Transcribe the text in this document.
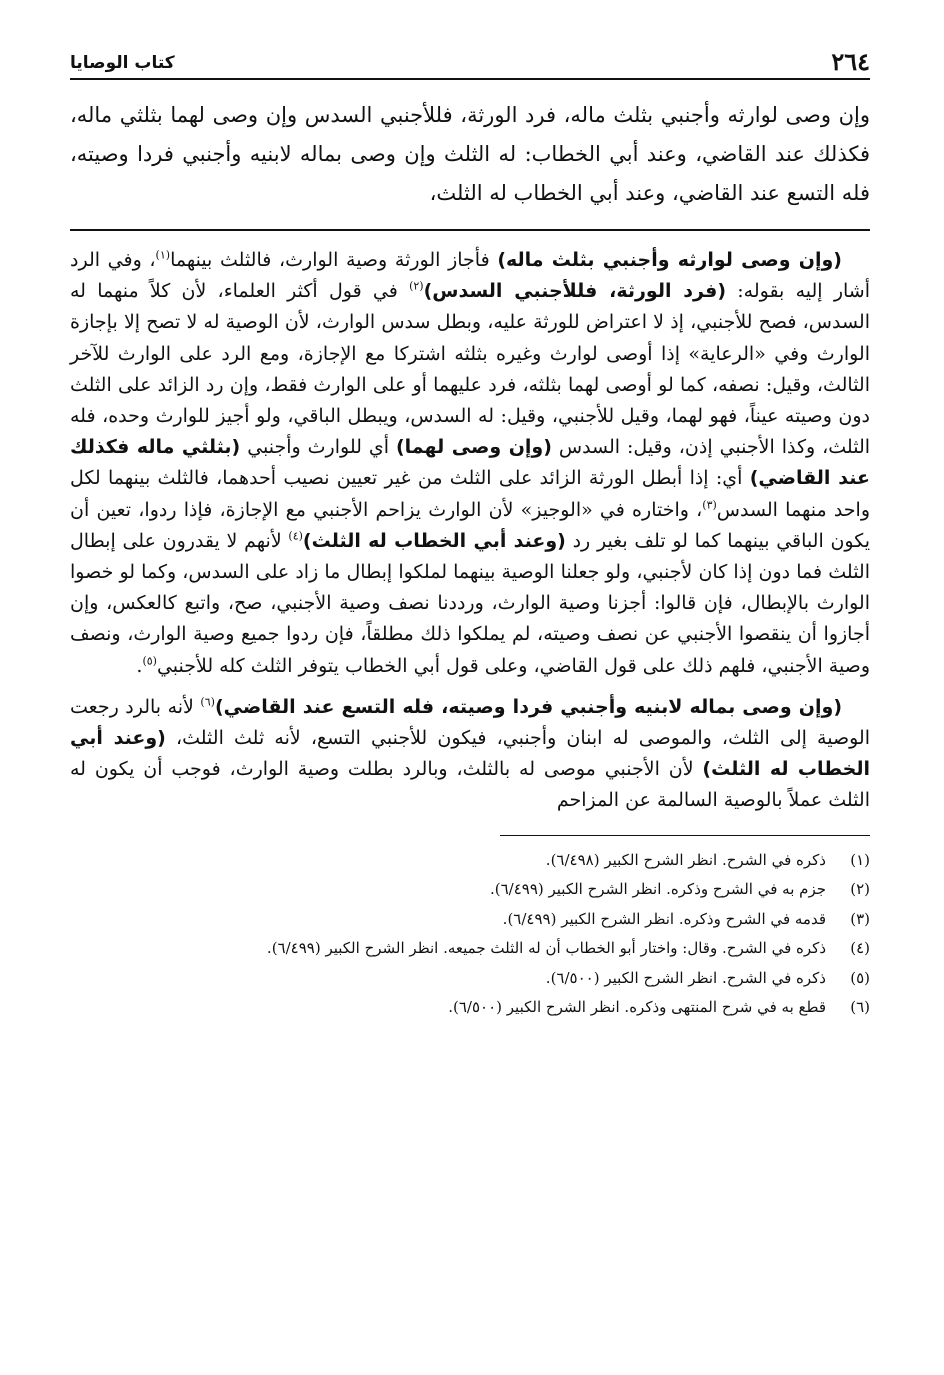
٢٦٤
كتاب الوصايا

وإن وصى لوارثه وأجنبي بثلث ماله، فرد الورثة، فللأجنبي السدس وإن وصى لهما بثلثي ماله، فكذلك عند القاضي، وعند أبي الخطاب: له الثلث وإن وصى بماله لابنيه وأجنبي فردا وصيته، فله التسع عند القاضي، وعند أبي الخطاب له الثلث،

(وإن وصى لوارثه وأجنبي بثلث ماله) فأجاز الورثة وصية الوارث، فالثلث بينهما$^{(١)}$، وفي الرد أشار إليه بقوله: (فرد الورثة، فللأجنبي السدس)$^{(٢)}$ في قول أكثر العلماء، لأن كلاً منهما له السدس، فصح للأجنبي، إذ لا اعتراض للورثة عليه، وبطل سدس الوارث، لأن الوصية له لا تصح إلا بإجازة الوارث وفي «الرعاية» إذا أوصى لوارث وغيره بثلثه اشتركا مع الإجازة، ومع الرد على الوارث للآخر الثالث، وقيل: نصفه، كما لو أوصى لهما بثلثه، فرد عليهما أو على الوارث فقط، وإن رد الزائد على الثلث دون وصيته عيناً، فهو لهما، وقيل للأجنبي، وقيل: له السدس، ويبطل الباقي، ولو أجيز للوارث وحده، فله الثلث، وكذا الأجنبي إذن، وقيل: السدس (وإن وصى لهما) أي للوارث وأجنبي (بثلثي ماله فكذلك عند القاضي) أي: إذا أبطل الورثة الزائد على الثلث من غير تعيين نصيب أحدهما، فالثلث بينهما لكل واحد منهما السدس$^{(٣)}$، واختاره في «الوجيز» لأن الوارث يزاحم الأجنبي مع الإجازة، فإذا ردوا، تعين أن يكون الباقي بينهما كما لو تلف بغير رد (وعند أبي الخطاب له الثلث)$^{(٤)}$ لأنهم لا يقدرون على إبطال الثلث فما دون إذا كان لأجنبي، ولو جعلنا الوصية بينهما لملكوا إبطال ما زاد على السدس، وكما لو خصوا الوارث بالإبطال، فإن قالوا: أجزنا وصية الوارث، ورددنا نصف وصية الأجنبي، صح، واتبع كالعكس، وإن أجازوا أن ينقصوا الأجنبي عن نصف وصيته، لم يملكوا ذلك مطلقاً، فإن ردوا جميع وصية الوارث، ونصف وصية الأجنبي، فلهم ذلك على قول القاضي، وعلى قول أبي الخطاب يتوفر الثلث كله للأجنبي$^{(٥)}$.

(وإن وصى بماله لابنيه وأجنبي فردا وصيته، فله التسع عند القاضي)$^{(٦)}$ لأنه بالرد رجعت الوصية إلى الثلث، والموصى له ابنان وأجنبي، فيكون للأجنبي التسع، لأنه ثلث الثلث، (وعند أبي الخطاب له الثلث) لأن الأجنبي موصى له بالثلث، وبالرد بطلت وصية الوارث، فوجب أن يكون له الثلث عملاً بالوصية السالمة عن المزاحم

(١)
ذكره في الشرح. انظر الشرح الكبير (٦/٤٩٨).
(٢)
جزم به في الشرح وذكره. انظر الشرح الكبير (٦/٤٩٩).
(٣)
قدمه في الشرح وذكره. انظر الشرح الكبير (٦/٤٩٩).
(٤)
ذكره في الشرح. وقال: واختار أبو الخطاب أن له الثلث جميعه. انظر الشرح الكبير (٦/٤٩٩).
(٥)
ذكره في الشرح. انظر الشرح الكبير (٦/٥٠٠).
(٦)
قطع به في شرح المنتهى وذكره. انظر الشرح الكبير (٦/٥٠٠).
